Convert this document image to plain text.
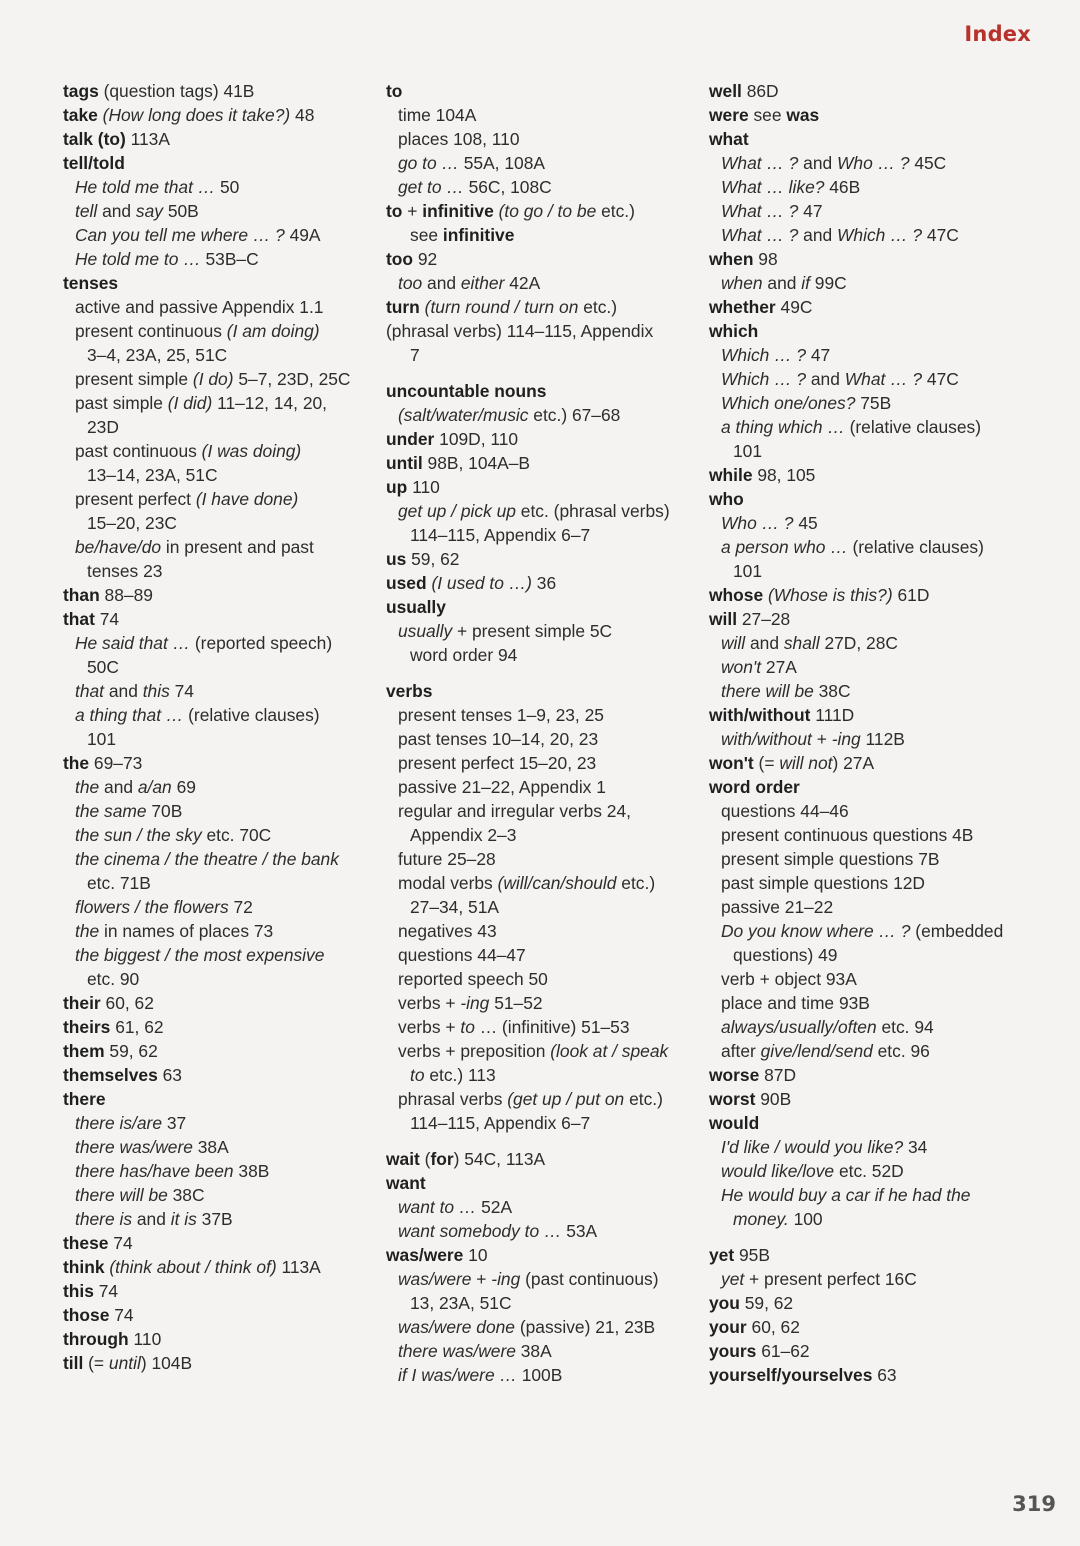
Index
tags (question tags) 41B
take (How long does it take?) 48
talk (to) 113A
tell/told
He told me that … 50
tell and say 50B
Can you tell me where … ? 49A
He told me to … 53B–C
tenses
active and passive Appendix 1.1
present continuous (I am doing)
3–4, 23A, 25, 51C
present simple (I do) 5–7, 23D, 25C
past simple (I did) 11–12, 14, 20,
23D
past continuous (I was doing)
13–14, 23A, 51C
present perfect (I have done)
15–20, 23C
be/have/do in present and past
tenses 23
than 88–89
that 74
He said that … (reported speech)
50C
that and this 74
a thing that … (relative clauses)
101
the 69–73
the and a/an 69
the same 70B
the sun / the sky etc. 70C
the cinema / the theatre / the bank
etc. 71B
flowers / the flowers 72
the in names of places 73
the biggest / the most expensive
etc. 90
their 60, 62
theirs 61, 62
them 59, 62
themselves 63
there
there is/are 37
there was/were 38A
there has/have been 38B
there will be 38C
there is and it is 37B
these 74
think (think about / think of) 113A
this 74
those 74
through 110
till (= until) 104B
to
time 104A
places 108, 110
go to … 55A, 108A
get to … 56C, 108C
to + infinitive (to go / to be etc.)
see infinitive
too 92
too and either 42A
turn (turn round / turn on etc.)
(phrasal verbs) 114–115, Appendix
7
uncountable nouns
(salt/water/music etc.) 67–68
under 109D, 110
until 98B, 104A–B
up 110
get up / pick up etc. (phrasal verbs)
114–115, Appendix 6–7
us 59, 62
used (I used to …) 36
usually
usually + present simple 5C
word order 94
verbs
present tenses 1–9, 23, 25
past tenses 10–14, 20, 23
present perfect 15–20, 23
passive 21–22, Appendix 1
regular and irregular verbs 24,
Appendix 2–3
future 25–28
modal verbs (will/can/should etc.)
27–34, 51A
negatives 43
questions 44–47
reported speech 50
verbs + -ing 51–52
verbs + to … (infinitive) 51–53
verbs + preposition (look at / speak
to etc.) 113
phrasal verbs (get up / put on etc.)
114–115, Appendix 6–7
wait (for) 54C, 113A
want
want to … 52A
want somebody to … 53A
was/were 10
was/were + -ing (past continuous)
13, 23A, 51C
was/were done (passive) 21, 23B
there was/were 38A
if I was/were … 100B
well 86D
were see was
what
What … ? and Who … ? 45C
What … like? 46B
What … ? 47
What … ? and Which … ? 47C
when 98
when and if 99C
whether 49C
which
Which … ? 47
Which … ? and What … ? 47C
Which one/ones? 75B
a thing which … (relative clauses)
101
while 98, 105
who
Who … ? 45
a person who … (relative clauses)
101
whose (Whose is this?) 61D
will 27–28
will and shall 27D, 28C
won't 27A
there will be 38C
with/without 111D
with/without + -ing 112B
won't (= will not) 27A
word order
questions 44–46
present continuous questions 4B
present simple questions 7B
past simple questions 12D
passive 21–22
Do you know where … ? (embedded
questions) 49
verb + object 93A
place and time 93B
always/usually/often etc. 94
after give/lend/send etc. 96
worse 87D
worst 90B
would
I'd like / would you like? 34
would like/love etc. 52D
He would buy a car if he had the
money. 100
yet 95B
yet + present perfect 16C
you 59, 62
your 60, 62
yours 61–62
yourself/yourselves 63
319
